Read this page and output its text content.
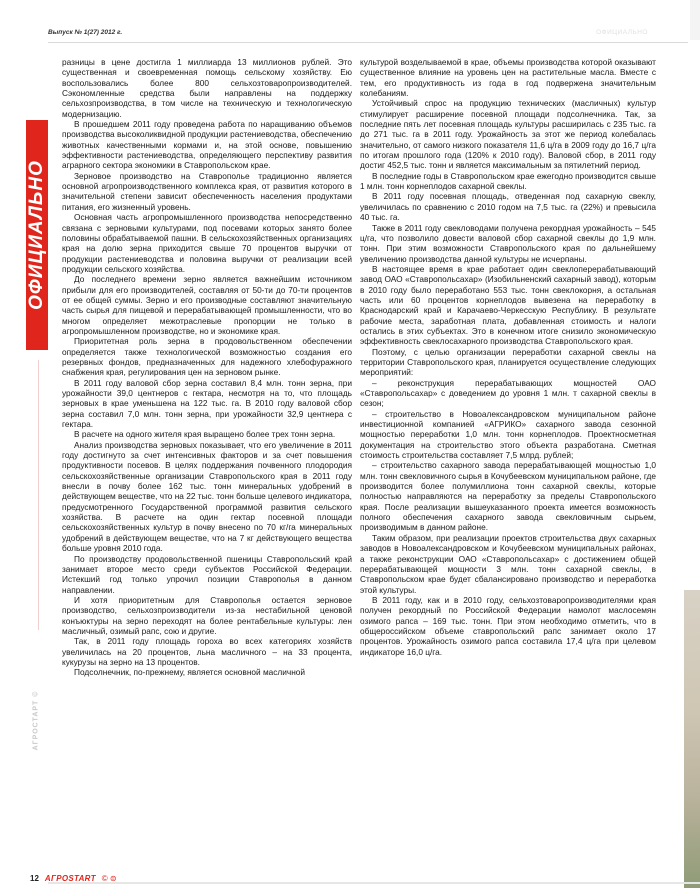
Выпуск № 1(27) 2012 г.	ОФИЦИАЛЬНО
ОФИЦИАЛЬНО
АГРОСТАРТ ©

разницы в цене достигла 1 миллиарда 13 миллионов рублей. Это существенная и своевременная помощь сельскому хозяйству. Ею воспользовались более 800 сельхозтоваропроизводителей. Сэкономленные средства были направлены на поддержку сельхозпроизводства, в том числе на техническую и технологическую модернизацию.

В прошедшем 2011 году проведена работа по наращиванию объемов производства высоколиквидной продукции растениеводства, обеспечению животных качественными кормами и, на этой основе, повышению эффективности растениеводства, определяющего перспективу развития аграрного сектора экономики в Ставропольском крае.

Зерновое производство на Ставрополье традиционно является основной агропроизводственного комплекса края, от развития которого в значительной степени зависит обеспеченность населения продуктами питания, его жизненный уровень.

Основная часть агропромышленного производства непосредственно связана с зерновыми культурами, под посевами которых занято более половины обрабатываемой пашни. В сельскохозяйственных организациях края на долю зерна приходится свыше 70 процентов выручки от продукции растениеводства и половина выручки от реализации всей продукции сельского хозяйства.

До последнего времени зерно является важнейшим источником прибыли для его производителей, составляя от 50-ти до 70-ти процентов от ее общей суммы. Зерно и его производные составляют значительную часть сырья для пищевой и перерабатывающей промышленности, что во многом определяет межотраслевые пропорции не только в агропромышленном производстве, но и экономике края.

Приоритетная роль зерна в продовольственном обеспечении определяется также технологической возможностью создания его резервных фондов, предназначенных для надежного хлебофуражного снабжения края, регулирования цен на зерновом рынке.

В 2011 году валовой сбор зерна составил 8,4 млн. тонн зерна, при урожайности 39,0 центнеров с гектара, несмотря на то, что площадь зерновых в крае уменьшена на 122 тыс. га. В 2010 году валовой сбор зерна составил 7,0 млн. тонн зерна, при урожайности 32,9 центнера с гектара.

В расчете на одного жителя края выращено более трех тонн зерна.

Анализ производства зерновых показывает, что его увеличение в 2011 году достигнуто за счет интенсивных факторов и за счет повышения продуктивности посевов. В целях поддержания почвенного плодородия сельскохозяйственные организации Ставропольского края в 2011 году внесли в почву более 162 тыс. тонн минеральных удобрений в действующем веществе, что на 22 тыс. тонн больше целевого индикатора, предусмотренного Государственной программой развития сельского хозяйства. В расчете на один гектар посевной площади сельскохозяйственных культур в почву внесено по 70 кг/га минеральных удобрений в действующем веществе, что на 7 кг действующего вещества больше уровня 2010 года.

По производству продовольственной пшеницы Ставропольский край занимает второе место среди субъектов Российской Федерации. Истекший год только упрочил позиции Ставрополья в данном направлении.

И хотя приоритетным для Ставрополья остается зерновое производство, сельхозпроизводители из-за нестабильной ценовой конъюктуры на зерно переходят на более рентабельные культуры: лен масличный, озимый рапс, сою и другие.

Так, в 2011 году площадь гороха во всех категориях хозяйств увеличилась на 20 процентов, льна масличного – на 33 процента, кукурузы на зерно на 13 процентов.

Подсолнечник, по-прежнему, является основной масличной

культурой возделываемой в крае, объемы производства которой оказывают существенное влияние на уровень цен на растительные масла. Вместе с тем, его продуктивность из года в год подвержена значительным колебаниям.

Устойчивый спрос на продукцию технических (масличных) культур стимулирует расширение посевной площади подсолнечника. Так, за последние пять лет посевная площадь культуры расширилась с 235 тыс. га до 271 тыс. га в 2011 году. Урожайность за этот же период колебалась значительно, от самого низкого показателя 11,6 ц/га в 2009 году до 16,7 ц/га по итогам прошлого года (120% к 2010 году). Валовой сбор, в 2011 году достиг 452,5 тыс. тонн и является максимальным за пятилетний период.

В последние годы в Ставропольском крае ежегодно производится свыше 1 млн. тонн корнеплодов сахарной свеклы.

В 2011 году посевная площадь, отведенная под сахарную свеклу, увеличилась по сравнению с 2010 годом на 7,5 тыс. га (22%) и превысила 40 тыс. га.

Также в 2011 году свекловодами получена рекордная урожайность – 545 ц/га, что позволило довести валовой сбор сахарной свеклы до 1,9 млн. тонн. При этим возможности Ставропольского края по дальнейшему увеличению производства данной культуры не исчерпаны.

В настоящее время в крае работает один свеклоперерабатывающий завод ОАО «Ставропольсахар» (Изобильненский сахарный завод), которым в 2010 году было переработано 553 тыс. тонн свеклокорня, а остальная часть или 60 процентов корнеплодов вывезена на переработку в Краснодарский край и Карачаево-Черкесскую Республику. В результате рабочие места, заработная плата, добавленная стоимость и налоги остались в этих субъектах. Это в конечном итоге снизило экономическую эффективность свеклосахарного производства Ставропольского края.

Поэтому, с целью организации переработки сахарной свеклы на территории Ставропольского края, планируется осуществление следующих мероприятий:

– реконструкция перерабатывающих мощностей ОАО «Ставропольсахар» с доведением до уровня 1 млн. т сахарной свеклы в сезон;

– строительство в Новоалександровском муниципальном районе инвестиционной компанией «АГРИКО» сахарного завода сезонной мощностью переработки 1,0 млн. тонн корнеплодов. Проектносметная документация на строительство этого объекта разработана. Сметная стоимость строительства составляет 7,5 млрд. рублей;

– строительство сахарного завода перерабатывающей мощностью 1,0 млн. тонн свекловичного сырья в Кочубеевском муниципальном районе, где производится более полумиллиона тонн сахарной свеклы, которые полностью направляются на переработку за пределы Ставропольского края. После реализации вышеуказанного проекта имеется возможность полного обеспечения сахарного завода свекловичным сырьем, производимым в данном районе.

Таким образом, при реализации проектов строительства двух сахарных заводов в Новоалександровском и Кочубеевском муниципальных районах, а также реконструкции ОАО «Ставропольсахар» с достижением общей перерабатывающей мощности 3 млн. тонн сахарной свеклы, в Ставропольском крае будет сбалансировано производство и переработка этой культуры.

В 2011 году, как и в 2010 году, сельхозтоваропроизводителями края получен рекордный по Российской Федерации намолот маслосемян озимого рапса – 169 тыс. тонн. При этом необходимо отметить, что в общероссийском объеме ставропольский рапс занимает около 17 процентов. Урожайность озимого рапса составила 17,4 ц/га при целевом индикаторе 16,0 ц/га.

12 АГРОSTART © ⊜
